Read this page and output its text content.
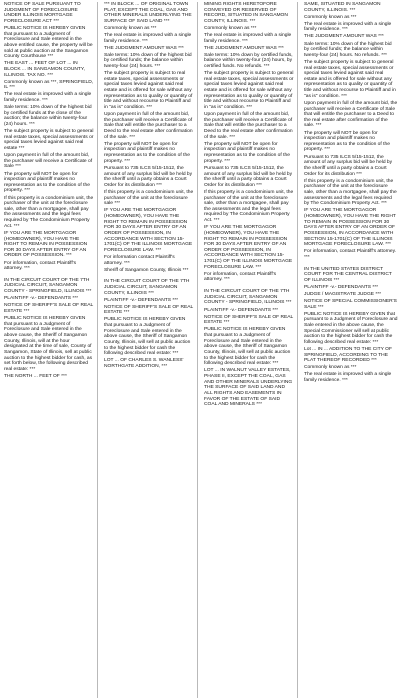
NOTICE OF SALE PURSUANT TO JUDGMENT OF FORECLOSURE UNDER ILLINOIS MORTGAGE FORECLOSURE ACT ***

PUBLIC NOTICE IS HEREBY GIVEN that pursuant to a Judgment of Foreclosure and Sale entered in the above entitled cause, the property will be sold at public auction at the Sangamon County Courthouse ***

THE EAST ... FEET OF LOT ... IN BLOCK ... IN SANGAMON COUNTY, ILLINOIS. TAX NO. ***

Commonly known as ***, SPRINGFIELD, IL ***

The real estate is improved with a single family residence. ***

Sale terms: 10% down of the highest bid by certified funds at the close of the auction; the balance within twenty-four (24) hours. ***

The subject property is subject to general real estate taxes, special assessments or special taxes levied against said real estate ***

Upon payment in full of the amount bid, the purchaser will receive a Certificate of Sale ***

The property will NOT be open for inspection and plaintiff makes no representation as to the condition of the property. ***

If this property is a condominium unit, the purchaser of the unit at the foreclosure sale, other than a mortgagee, shall pay the assessments and the legal fees required by The Condominium Property Act. ***

IF YOU ARE THE MORTGAGOR (HOMEOWNER), YOU HAVE THE RIGHT TO REMAIN IN POSSESSION FOR 30 DAYS AFTER ENTRY OF AN ORDER OF POSSESSION. ***

For information, contact Plaintiff's attorney. ***

IN THE CIRCUIT COURT OF THE 7TH JUDICIAL CIRCUIT, SANGAMON COUNTY - SPRINGFIELD, ILLINOIS ***

PLAINTIFF -v.- DEFENDANTS ***

NOTICE OF SHERIFF'S SALE OF REAL ESTATE ***

PUBLIC NOTICE IS HEREBY GIVEN that pursuant to a Judgment of Foreclosure and Sale entered in the above cause, the Sheriff of Sangamon County, Illinois, will at the hour designated at the time of sale, County of Sangamon, State of Illinois, sell at public auction to the highest bidder for cash, as set forth below, the following described real estate: ***

THE NORTH ... FEET OF ***

*** IN BLOCK ... OF ORIGINAL TOWN PLAT, EXCEPT THE COAL, GAS AND OTHER MINERALS UNDERLYING THE SURFACE OF SAID LAND ***

Commonly known as ***

The real estate is improved with a single family residence. ***

THE JUDGMENT AMOUNT WAS ***

Sale terms: 10% down of the highest bid by certified funds; the balance within twenty-four (24) hours. ***

The subject property is subject to real estate taxes, special assessments or special taxes levied against said real estate and is offered for sale without any representation as to quality or quantity of title and without recourse to Plaintiff and in "as is" condition. ***

Upon payment in full of the amount bid, the purchaser will receive a Certificate of Sale that will entitle the purchaser to a Deed to the real estate after confirmation of the sale. ***

The property will NOT be open for inspection and plaintiff makes no representation as to the condition of the property. ***

Pursuant to 735 ILCS 5/15-1512, the amount of any surplus bid will be held by the sheriff until a party obtains a Court Order for its distribution ***

If this property is a condominium unit, the purchaser of the unit at the foreclosure sale ***

IF YOU ARE THE MORTGAGOR (HOMEOWNER), YOU HAVE THE RIGHT TO REMAIN IN POSSESSION FOR 30 DAYS AFTER ENTRY OF AN ORDER OF POSSESSION, IN ACCORDANCE WITH SECTION 15-1701(C) OF THE ILLINOIS MORTGAGE FORECLOSURE LAW. ***

For information contact Plaintiff's attorney. ***

Sheriff of Sangamon County, Illinois ***

IN THE CIRCUIT COURT OF THE 7TH JUDICIAL CIRCUIT, SANGAMON COUNTY, ILLINOIS ***

PLAINTIFF -v.- DEFENDANTS ***

NOTICE OF SHERIFF'S SALE OF REAL ESTATE ***

PUBLIC NOTICE IS HEREBY GIVEN that pursuant to a Judgment of Foreclosure and Sale entered in the above cause, the Sheriff of Sangamon County, Illinois, will sell at public auction to the highest bidder for cash the following described real estate: ***

LOT ... OF CHARLES S. WANLESS' NORTHGATE ADDITION, ***

MINING RIGHTS HERETOFORE CONVEYED OR RESERVED OF RECORD, SITUATED IN SANGAMON COUNTY, ILLINOIS. ***

Commonly known as ***

The real estate is improved with a single family residence. ***

THE JUDGMENT AMOUNT WAS ***

Sale terms: 10% down by certified funds, balance within twenty-four (24) hours, by certified funds. No refunds. ***

The subject property is subject to general real estate taxes, special assessments or special taxes levied against said real estate and is offered for sale without any representation as to quality or quantity of title and without recourse to Plaintiff and in "as is" condition. ***

Upon payment in full of the amount bid, the purchaser will receive a Certificate of Sale that will entitle the purchaser to a Deed to the real estate after confirmation of the sale. ***

The property will NOT be open for inspection and plaintiff makes no representation as to the condition of the property. ***

Pursuant to 735 ILCS 5/15-1512, the amount of any surplus bid will be held by the sheriff until a party obtains a Court Order for its distribution ***

If this property is a condominium unit, the purchaser of the unit at the foreclosure sale, other than a mortgagee, shall pay the assessments and the legal fees required by The Condominium Property Act. ***

IF YOU ARE THE MORTGAGOR (HOMEOWNER), YOU HAVE THE RIGHT TO REMAIN IN POSSESSION FOR 30 DAYS AFTER ENTRY OF AN ORDER OF POSSESSION, IN ACCORDANCE WITH SECTION 15-1701(C) OF THE ILLINOIS MORTGAGE FORECLOSURE LAW. ***

For information, contact Plaintiff's attorney. ***

IN THE CIRCUIT COURT OF THE 7TH JUDICIAL CIRCUIT, SANGAMON COUNTY - SPRINGFIELD, ILLINOIS ***

PLAINTIFF -v.- DEFENDANTS ***

NOTICE OF SHERIFF'S SALE OF REAL ESTATE ***

PUBLIC NOTICE IS HEREBY GIVEN that pursuant to a Judgment of Foreclosure and Sale entered in the above cause, the Sheriff of Sangamon County, Illinois, will sell at public auction to the highest bidder for cash the following described real estate: ***

LOT ... IN WALNUT VALLEY ESTATES, PHASE II, EXCEPT THE COAL, GAS AND OTHER MINERALS UNDERLYING THE SURFACE OF SAID LAND AND ALL RIGHTS AND EASEMENTS IN FAVOR OF THE ESTATE OF SAID COAL AND MINERALS ***

SAME, SITUATED IN SANGAMON COUNTY, ILLINOIS. ***

Commonly known as ***

The real estate is improved with a single family residence. ***

THE JUDGMENT AMOUNT WAS ***

Sale terms: 10% down of the highest bid by certified funds; the balance within twenty-four (24) hours. No refunds. ***

The subject property is subject to general real estate taxes, special assessments or special taxes levied against said real estate and is offered for sale without any representation as to quality or quantity of title and without recourse to Plaintiff and in "as is" condition. ***

Upon payment in full of the amount bid, the purchaser will receive a Certificate of Sale that will entitle the purchaser to a Deed to the real estate after confirmation of the sale. ***

The property will NOT be open for inspection and plaintiff makes no representation as to the condition of the property. ***

Pursuant to 735 ILCS 5/15-1512, the amount of any surplus bid will be held by the sheriff until a party obtains a Court Order for its distribution ***

If this property is a condominium unit, the purchaser of the unit at the foreclosure sale, other than a mortgagee, shall pay the assessments and the legal fees required by The Condominium Property Act. ***

IF YOU ARE THE MORTGAGOR (HOMEOWNER), YOU HAVE THE RIGHT TO REMAIN IN POSSESSION FOR 30 DAYS AFTER ENTRY OF AN ORDER OF POSSESSION, IN ACCORDANCE WITH SECTION 15-1701(C) OF THE ILLINOIS MORTGAGE FORECLOSURE LAW. ***

For information, contact Plaintiff's attorney. ***

IN THE UNITED STATES DISTRICT COURT FOR THE CENTRAL DISTRICT OF ILLINOIS ***

PLAINTIFF -v.- DEFENDANTS ***

JUDGE / MAGISTRATE JUDGE ***

NOTICE OF SPECIAL COMMISSIONER'S SALE ***

PUBLIC NOTICE IS HEREBY GIVEN that pursuant to a Judgment of Foreclosure and Sale entered in the above cause, the Special Commissioner will sell at public auction to the highest bidder for cash the following described real estate: ***

Lot ... IN ... ADDITION TO THE CITY OF SPRINGFIELD, ACCORDING TO THE PLAT THEREOF RECORDED ***

Commonly known as ***

The real estate is improved with a single family residence. ***
